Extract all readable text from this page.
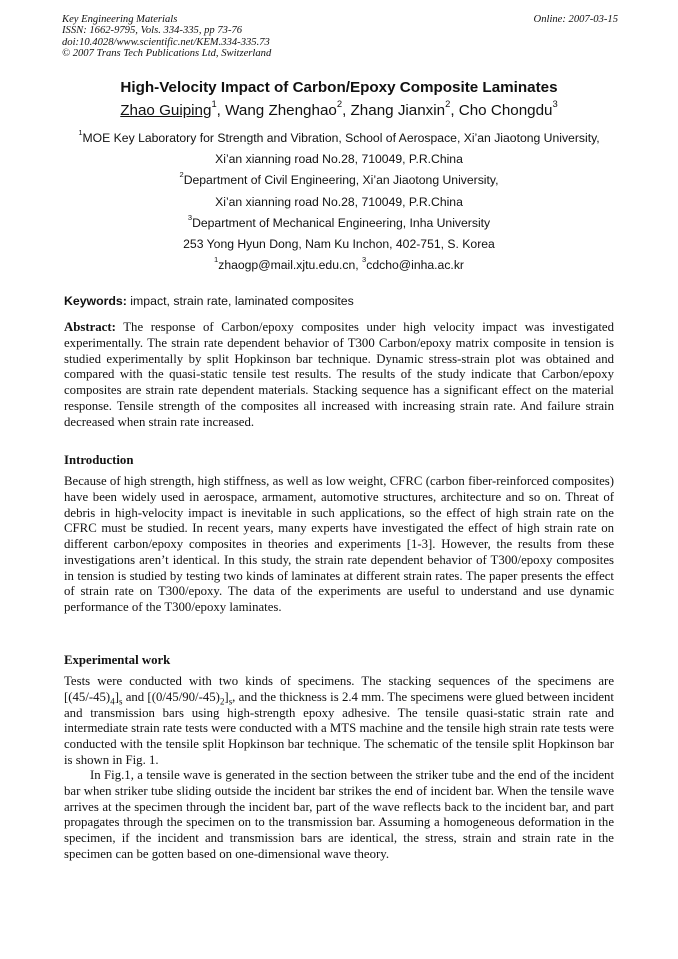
Key Engineering Materials	Online: 2007-03-15
ISSN: 1662-9795, Vols. 334-335, pp 73-76
doi:10.4028/www.scientific.net/KEM.334-335.73
© 2007 Trans Tech Publications Ltd, Switzerland
High-Velocity Impact of Carbon/Epoxy Composite Laminates
Zhao Guiping$^1$, Wang Zhenghao$^2$, Zhang Jianxin$^2$, Cho Chongdu$^3$
$^1$MOE Key Laboratory for Strength and Vibration, School of Aerospace, Xi’an Jiaotong University,
Xi’an xianning road No.28, 710049, P.R.China
$^2$Department of Civil Engineering, Xi’an Jiaotong University,
Xi’an xianning road No.28, 710049, P.R.China
$^3$Department of Mechanical Engineering, Inha University
253 Yong Hyun Dong, Nam Ku Inchon, 402-751, S. Korea
$^1$zhaogp@mail.xjtu.edu.cn, $^3$cdcho@inha.ac.kr
Keywords: impact, strain rate, laminated composites
Abstract: The response of Carbon/epoxy composites under high velocity impact was investigated experimentally. The strain rate dependent behavior of T300 Carbon/epoxy matrix composite in tension is studied experimentally by split Hopkinson bar technique. Dynamic stress-strain plot was obtained and compared with the quasi-static tensile test results. The results of the study indicate that Carbon/epoxy composites are strain rate dependent materials. Stacking sequence has a significant effect on the material response. Tensile strength of the composites all increased with increasing strain rate. And failure strain decreased when strain rate increased.
Introduction
Because of high strength, high stiffness, as well as low weight, CFRC (carbon fiber-reinforced composites) have been widely used in aerospace, armament, automotive structures, architecture and so on. Threat of debris in high-velocity impact is inevitable in such applications, so the effect of high strain rate on the CFRC must be studied. In recent years, many experts have investigated the effect of high strain rate on different carbon/epoxy composites in theories and experiments [1-3]. However, the results from these investigations aren’t identical. In this study, the strain rate dependent behavior of T300/epoxy composites in tension is studied by testing two kinds of laminates at different strain rates. The paper presents the effect of strain rate on T300/epoxy. The data of the experiments are useful to understand and use dynamic performance of the T300/epoxy laminates.
Experimental work
Tests were conducted with two kinds of specimens. The stacking sequences of the specimens are $[(45/-45)_4]_s$ and $[(0/45/90/-45)_2]_s$, and the thickness is 2.4 mm. The specimens were glued between incident and transmission bars using high-strength epoxy adhesive. The tensile quasi-static strain rate and intermediate strain rate tests were conducted with a MTS machine and the tensile high strain rate tests were conducted with the tensile split Hopkinson bar technique. The schematic of the tensile split Hopkinson bar is shown in Fig. 1.
In Fig.1, a tensile wave is generated in the section between the striker tube and the end of the incident bar when striker tube sliding outside the incident bar strikes the end of incident bar. When the tensile wave arrives at the specimen through the incident bar, part of the wave reflects back to the incident bar, and part propagates through the specimen on to the transmission bar. Assuming a homogeneous deformation in the specimen, if the incident and transmission bars are identical, the stress, strain and strain rate in the specimen can be gotten based on one-dimensional wave theory.
